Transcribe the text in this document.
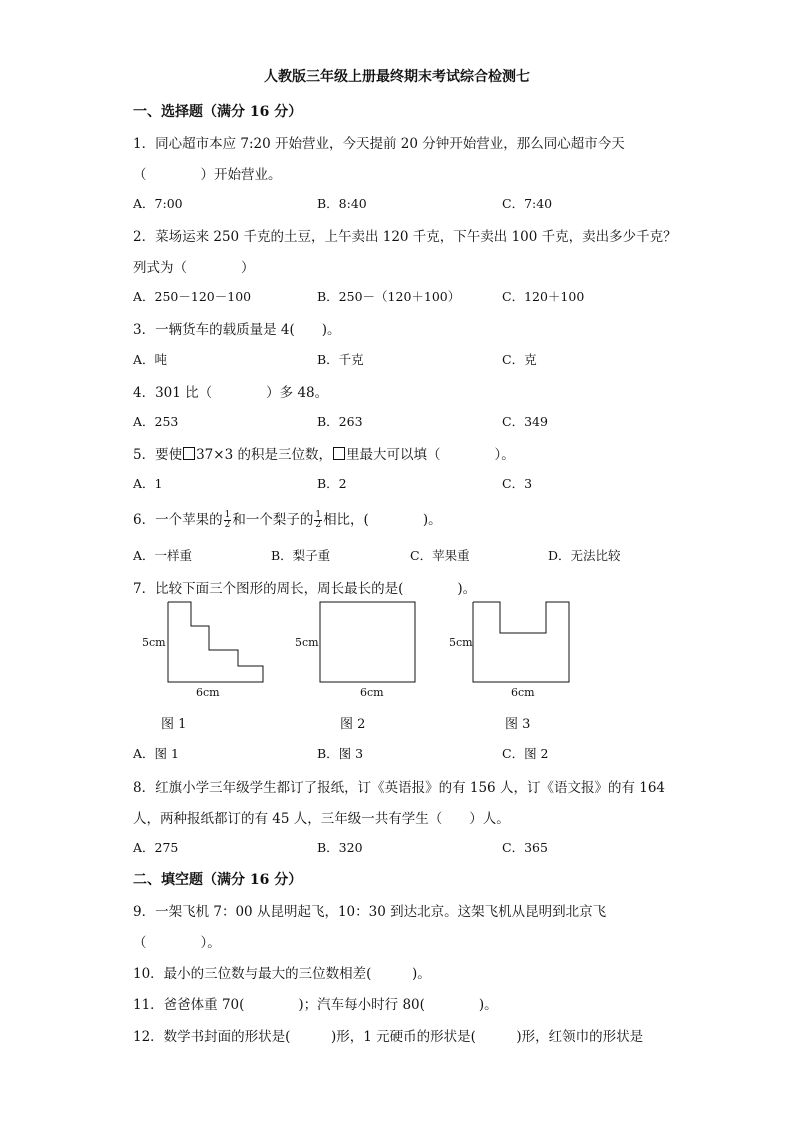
人教版三年级上册最终期末考试综合检测七
一、选择题（满分 16 分）
1．同心超市本应 7:20 开始营业，今天提前 20 分钟开始营业，那么同心超市今天
（　　　　）开始营业。
A．7:00	B．8:40	C．7:40
2．菜场运来 250 千克的土豆，上午卖出 120 千克，下午卖出 100 千克，卖出多少千克？
列式为（　　　　）
A．250－120－100	B．250－（120＋100）	C．120＋100
3．一辆货车的载质量是 4(　　)。
A．吨	B．千克	C．克
4．301 比（　　　　）多 48。
A．253	B．263	C．349
5．要使 37×3 的积是三位数， 里最大可以填（　　　　）。
A．1	B．2	C．3
6．一个苹果的 $\frac{1}{2}$ 和一个梨子的 $\frac{1}{2}$ 相比，(　　　　)。
A．一样重	B．梨子重	C．苹果重	D．无法比较
7．比较下面三个图形的周长，周长最长的是(　　　　)。
5cm
6cm
5cm
6cm
5cm
6cm
图 1	图 2	图 3
A．图 1	B．图 3	C．图 2
8．红旗小学三年级学生都订了报纸，订《英语报》的有 156 人，订《语文报》的有 164
人，两种报纸都订的有 45 人，三年级一共有学生（　　）人。
A．275	B．320	C．365
二、填空题（满分 16 分）
9．一架飞机 7：00 从昆明起飞，10：30 到达北京。这架飞机从昆明到北京飞
（　　　　）。
10．最小的三位数与最大的三位数相差(　　　)。
11．爸爸体重 70(　　　　)；汽车每小时行 80(　　　　)。
12．数学书封面的形状是(　　　)形，1 元硬币的形状是(　　　)形，红领巾的形状是
